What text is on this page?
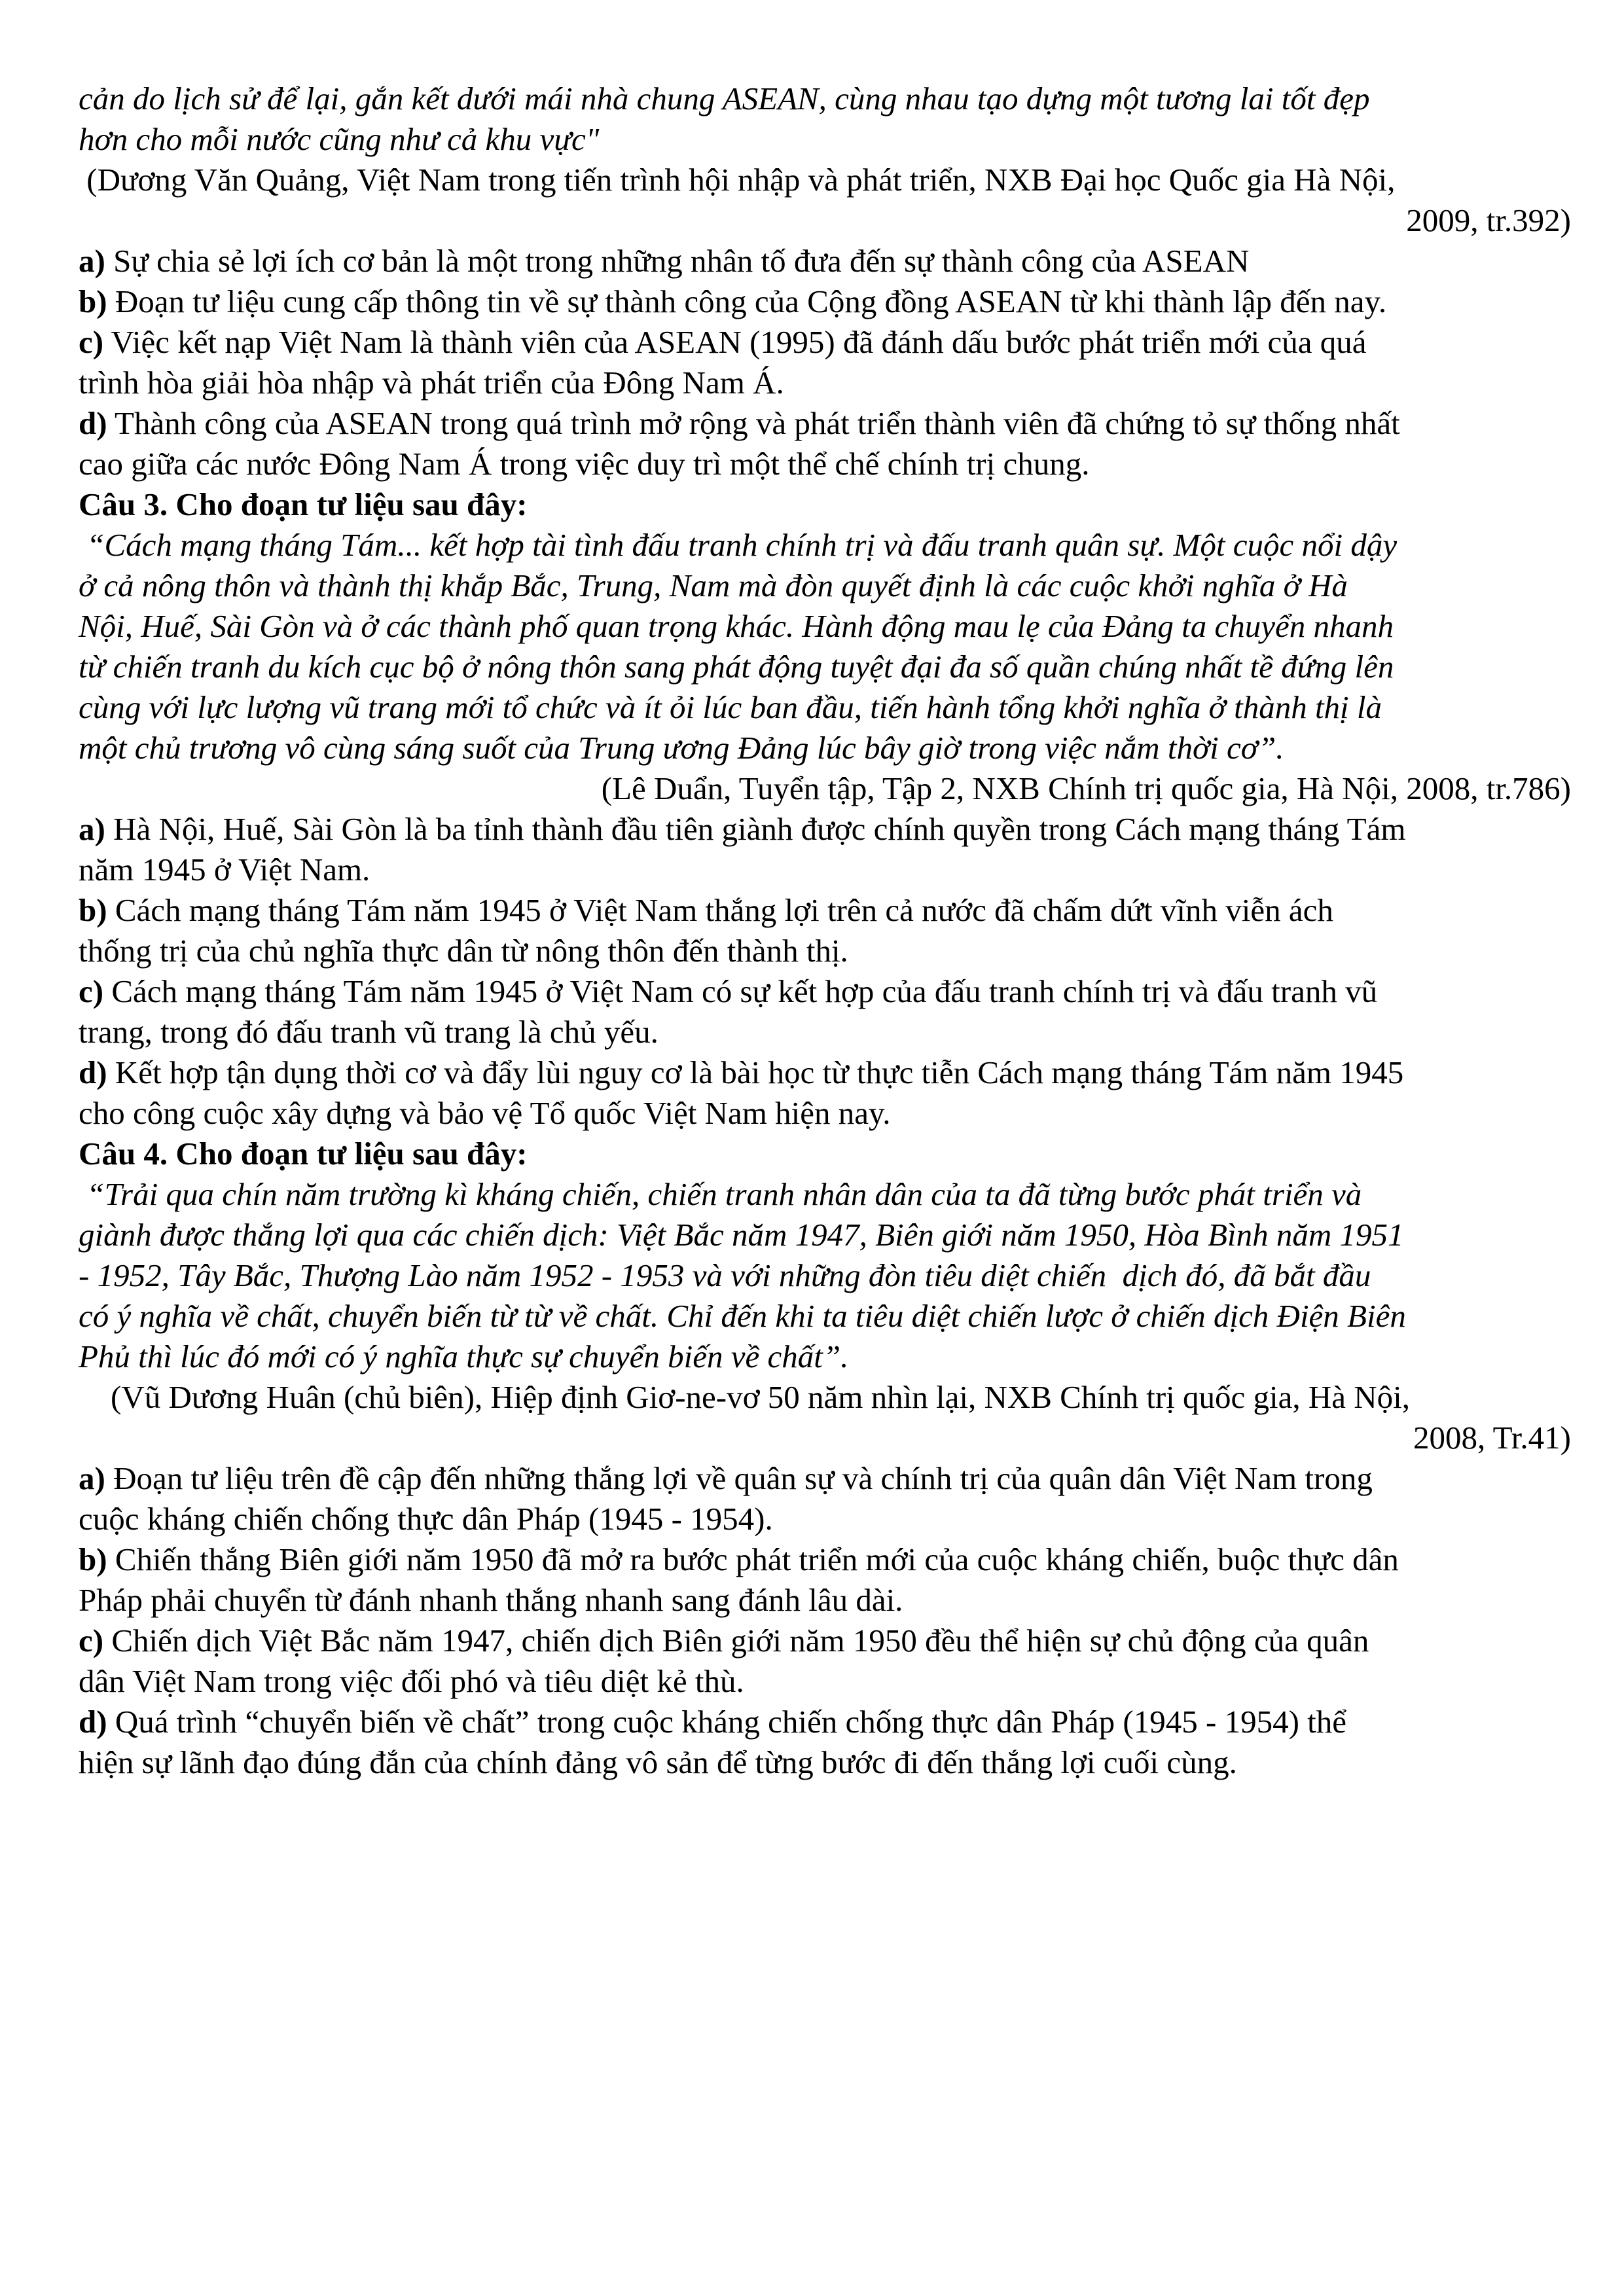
cản do lịch sử để lại, gắn kết dưới mái nhà chung ASEAN, cùng nhau tạo dựng một tương lai tốt đẹp
hơn cho mỗi nước cũng như cả khu vực"
(Dương Văn Quảng, Việt Nam trong tiến trình hội nhập và phát triển, NXB Đại học Quốc gia Hà Nội,
2009, tr.392)
a) Sự chia sẻ lợi ích cơ bản là một trong những nhân tố đưa đến sự thành công của ASEAN
b) Đoạn tư liệu cung cấp thông tin về sự thành công của Cộng đồng ASEAN từ khi thành lập đến nay.
c) Việc kết nạp Việt Nam là thành viên của ASEAN (1995) đã đánh dấu bước phát triển mới của quá
trình hòa giải hòa nhập và phát triển của Đông Nam Á.
d) Thành công của ASEAN trong quá trình mở rộng và phát triển thành viên đã chứng tỏ sự thống nhất
cao giữa các nước Đông Nam Á trong việc duy trì một thể chế chính trị chung.
Câu 3. Cho đoạn tư liệu sau đây:
“Cách mạng tháng Tám... kết hợp tài tình đấu tranh chính trị và đấu tranh quân sự. Một cuộc nổi dậy
ở cả nông thôn và thành thị khắp Bắc, Trung, Nam mà đòn quyết định là các cuộc khởi nghĩa ở Hà
Nội, Huế, Sài Gòn và ở các thành phố quan trọng khác. Hành động mau lẹ của Đảng ta chuyển nhanh
từ chiến tranh du kích cục bộ ở nông thôn sang phát động tuyệt đại đa số quần chúng nhất tề đứng lên
cùng với lực lượng vũ trang mới tổ chức và ít ỏi lúc ban đầu, tiến hành tổng khởi nghĩa ở thành thị là
một chủ trương vô cùng sáng suốt của Trung ương Đảng lúc bây giờ trong việc nắm thời cơ”.
(Lê Duẩn, Tuyển tập, Tập 2, NXB Chính trị quốc gia, Hà Nội, 2008, tr.786)
a) Hà Nội, Huế, Sài Gòn là ba tỉnh thành đầu tiên giành được chính quyền trong Cách mạng tháng Tám
năm 1945 ở Việt Nam.
b) Cách mạng tháng Tám năm 1945 ở Việt Nam thắng lợi trên cả nước đã chấm dứt vĩnh viễn ách
thống trị của chủ nghĩa thực dân từ nông thôn đến thành thị.
c) Cách mạng tháng Tám năm 1945 ở Việt Nam có sự kết hợp của đấu tranh chính trị và đấu tranh vũ
trang, trong đó đấu tranh vũ trang là chủ yếu.
d) Kết hợp tận dụng thời cơ và đẩy lùi nguy cơ là bài học từ thực tiễn Cách mạng tháng Tám năm 1945
cho công cuộc xây dựng và bảo vệ Tổ quốc Việt Nam hiện nay.
Câu 4. Cho đoạn tư liệu sau đây:
“Trải qua chín năm trường kì kháng chiến, chiến tranh nhân dân của ta đã từng bước phát triển và
giành được thắng lợi qua các chiến dịch: Việt Bắc năm 1947, Biên giới năm 1950, Hòa Bình năm 1951
- 1952, Tây Bắc, Thượng Lào năm 1952 - 1953 và với những đòn tiêu diệt chiến  dịch đó, đã bắt đầu
có ý nghĩa về chất, chuyển biến từ từ về chất. Chỉ đến khi ta tiêu diệt chiến lược ở chiến dịch Điện Biên
Phủ thì lúc đó mới có ý nghĩa thực sự chuyển biến về chất”.
(Vũ Dương Huân (chủ biên), Hiệp định Giơ-ne-vơ 50 năm nhìn lại, NXB Chính trị quốc gia, Hà Nội,
2008, Tr.41)
a) Đoạn tư liệu trên đề cập đến những thắng lợi về quân sự và chính trị của quân dân Việt Nam trong
cuộc kháng chiến chống thực dân Pháp (1945 - 1954).
b) Chiến thắng Biên giới năm 1950 đã mở ra bước phát triển mới của cuộc kháng chiến, buộc thực dân
Pháp phải chuyển từ đánh nhanh thắng nhanh sang đánh lâu dài.
c) Chiến dịch Việt Bắc năm 1947, chiến dịch Biên giới năm 1950 đều thể hiện sự chủ động của quân
dân Việt Nam trong việc đối phó và tiêu diệt kẻ thù.
d) Quá trình “chuyển biến về chất” trong cuộc kháng chiến chống thực dân Pháp (1945 - 1954) thể
hiện sự lãnh đạo đúng đắn của chính đảng vô sản để từng bước đi đến thắng lợi cuối cùng.
